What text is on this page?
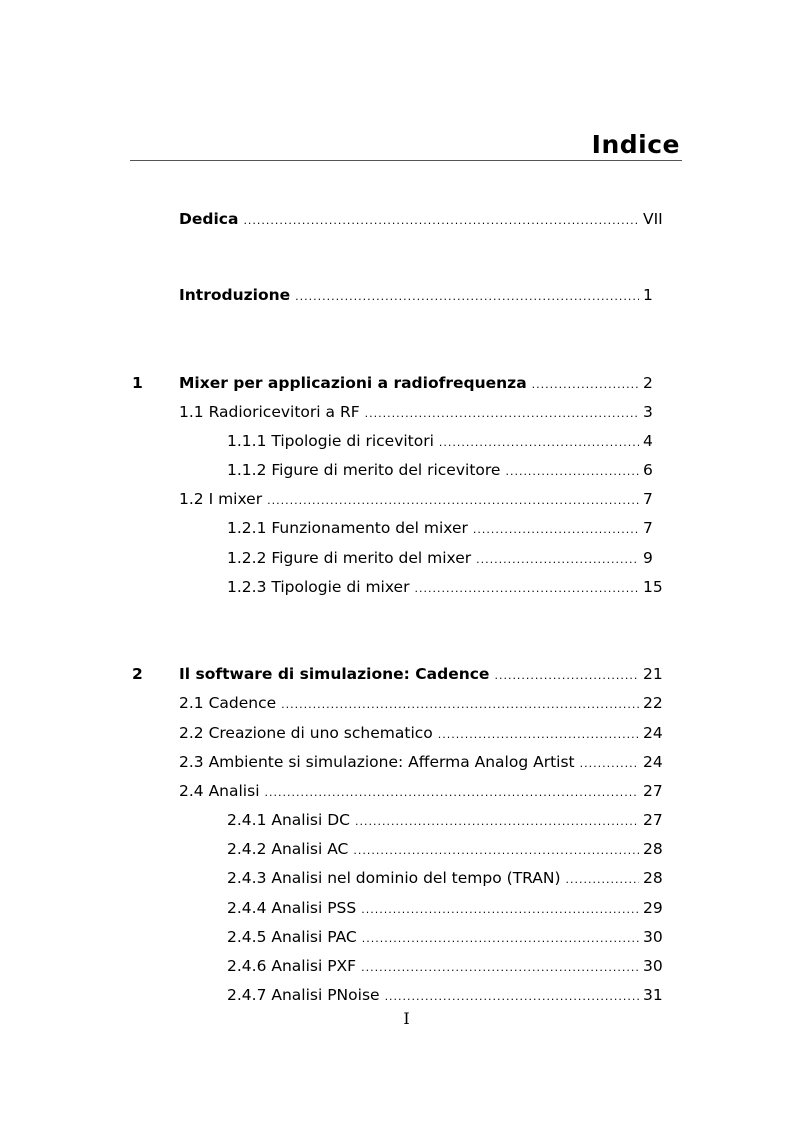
Indice
Dedica .....	VII
Introduzione .....	1
1 Mixer per applicazioni a radiofrequenza .....	2
1.1 Radioricevitori a RF .....	3
1.1.1 Tipologie di ricevitori .....	4
1.1.2 Figure di merito del ricevitore .....	6
1.2 I mixer .....	7
1.2.1 Funzionamento del mixer .....	7
1.2.2 Figure di merito del mixer .....	9
1.2.3 Tipologie di mixer .....	15
2 Il software di simulazione: Cadence .....	21
2.1 Cadence .....	22
2.2 Creazione di uno schematico .....	24
2.3 Ambiente si simulazione: Afferma Analog Artist .....	24
2.4 Analisi .....	27
2.4.1 Analisi DC .....	27
2.4.2 Analisi AC .....	28
2.4.3 Analisi nel dominio del tempo (TRAN) .....	28
2.4.4 Analisi PSS .....	29
2.4.5 Analisi PAC .....	30
2.4.6 Analisi PXF .....	30
2.4.7 Analisi PNoise .....	31
I
